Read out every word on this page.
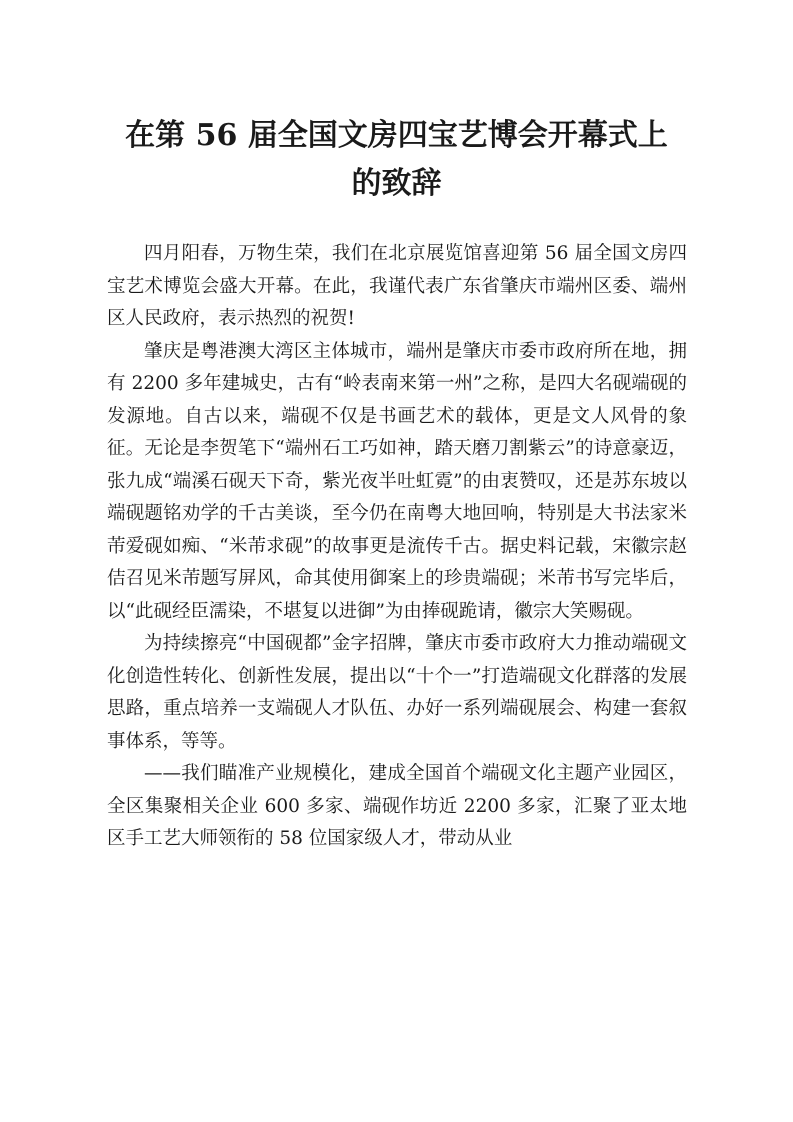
在第 56 届全国文房四宝艺博会开幕式上
的致辞

四月阳春，万物生荣，我们在北京展览馆喜迎第 56 届全国文房四宝艺术博览会盛大开幕。在此，我谨代表广东省肇庆市端州区委、端州区人民政府，表示热烈的祝贺!

肇庆是粤港澳大湾区主体城市，端州是肇庆市委市政府所在地，拥有 2200 多年建城史，古有“岭表南来第一州”之称，是四大名砚端砚的发源地。自古以来，端砚不仅是书画艺术的载体，更是文人风骨的象征。无论是李贺笔下“端州石工巧如神，踏天磨刀割紫云”的诗意豪迈，张九成“端溪石砚天下奇，紫光夜半吐虹霓”的由衷赞叹，还是苏东坡以端砚题铭劝学的千古美谈，至今仍在南粤大地回响，特别是大书法家米芾爱砚如痴、“米芾求砚”的故事更是流传千古。据史料记载，宋徽宗赵佶召见米芾题写屏风，命其使用御案上的珍贵端砚；米芾书写完毕后，以“此砚经臣濡染，不堪复以进御”为由捧砚跪请，徽宗大笑赐砚。

为持续擦亮“中国砚都”金字招牌，肇庆市委市政府大力推动端砚文化创造性转化、创新性发展，提出以“十个一”打造端砚文化群落的发展思路，重点培养一支端砚人才队伍、办好一系列端砚展会、构建一套叙事体系，等等。

——我们瞄准产业规模化，建成全国首个端砚文化主题产业园区，全区集聚相关企业 600 多家、端砚作坊近 2200 多家，汇聚了亚太地区手工艺大师领衔的 58 位国家级人才，带动从业
